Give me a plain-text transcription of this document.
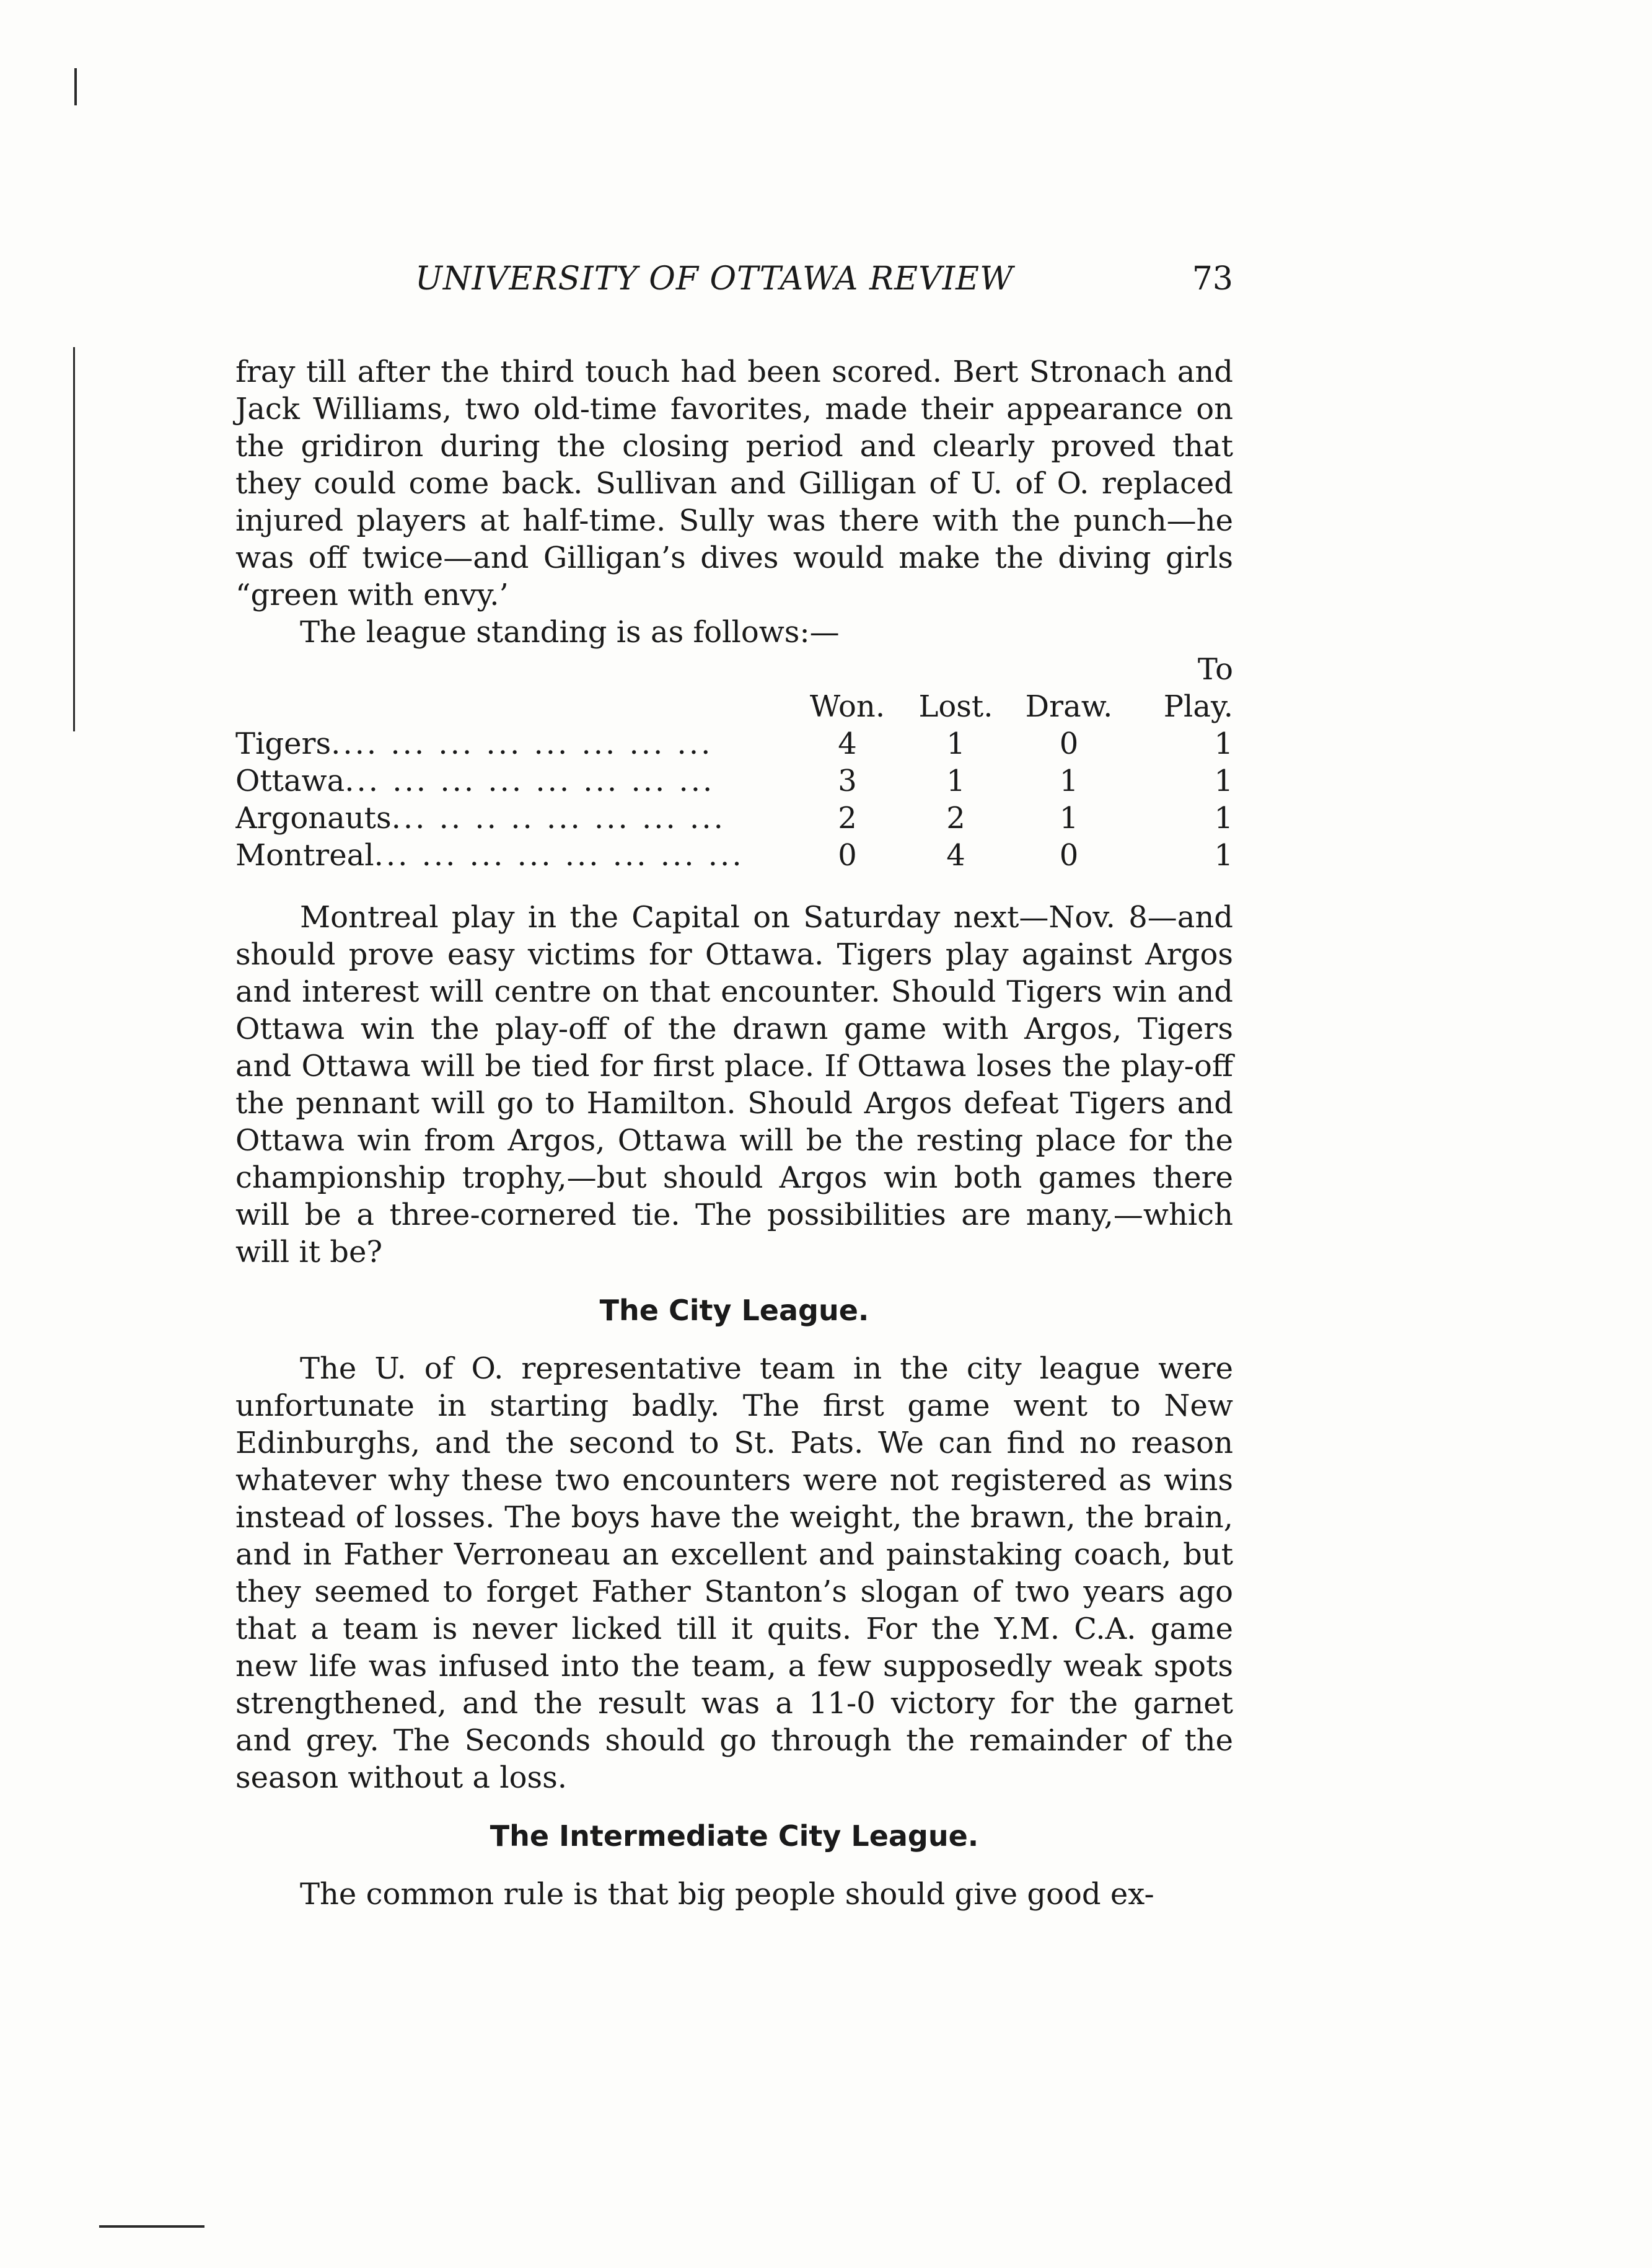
UNIVERSITY OF OTTAWA REVIEW	73

fray till after the third touch had been scored. Bert Stronach and Jack Williams, two old-time favorites, made their appearance on the gridiron during the closing period and clearly proved that they could come back. Sullivan and Gilligan of U. of O. replaced injured players at half-time. Sully was there with the punch—he was off twice—and Gilligan’s dives would make the diving girls “green with envy.’

The league standing is as follows:—

				To
	Won.	Lost.	Draw.	Play.
Tigers.... ... ... ... ... ... ... ...	4	1	0	1
Ottawa... ... ... ... ... ... ... ...	3	1	1	1
Argonauts... .. .. .. ... ... ... ...	2	2	1	1
Montreal... ... ... ... ... ... ... ...	0	4	0	1

Montreal play in the Capital on Saturday next—Nov. 8—and should prove easy victims for Ottawa. Tigers play against Argos and interest will centre on that encounter. Should Tigers win and Ottawa win the play-off of the drawn game with Argos, Tigers and Ottawa will be tied for first place. If Ottawa loses the play-off the pennant will go to Hamilton. Should Argos defeat Tigers and Ottawa win from Argos, Ottawa will be the resting place for the championship trophy,—but should Argos win both games there will be a three-cornered tie. The possibilities are many,—which will it be?

The City League.

The U. of O. representative team in the city league were unfortunate in starting badly. The first game went to New Edinburghs, and the second to St. Pats. We can find no reason whatever why these two encounters were not registered as wins instead of losses. The boys have the weight, the brawn, the brain, and in Father Verroneau an excellent and painstaking coach, but they seemed to forget Father Stanton’s slogan of two years ago that a team is never licked till it quits. For the Y.M. C.A. game new life was infused into the team, a few supposedly weak spots strengthened, and the result was a 11-0 victory for the garnet and grey. The Seconds should go through the remainder of the season without a loss.

The Intermediate City League.

The common rule is that big people should give good ex-
